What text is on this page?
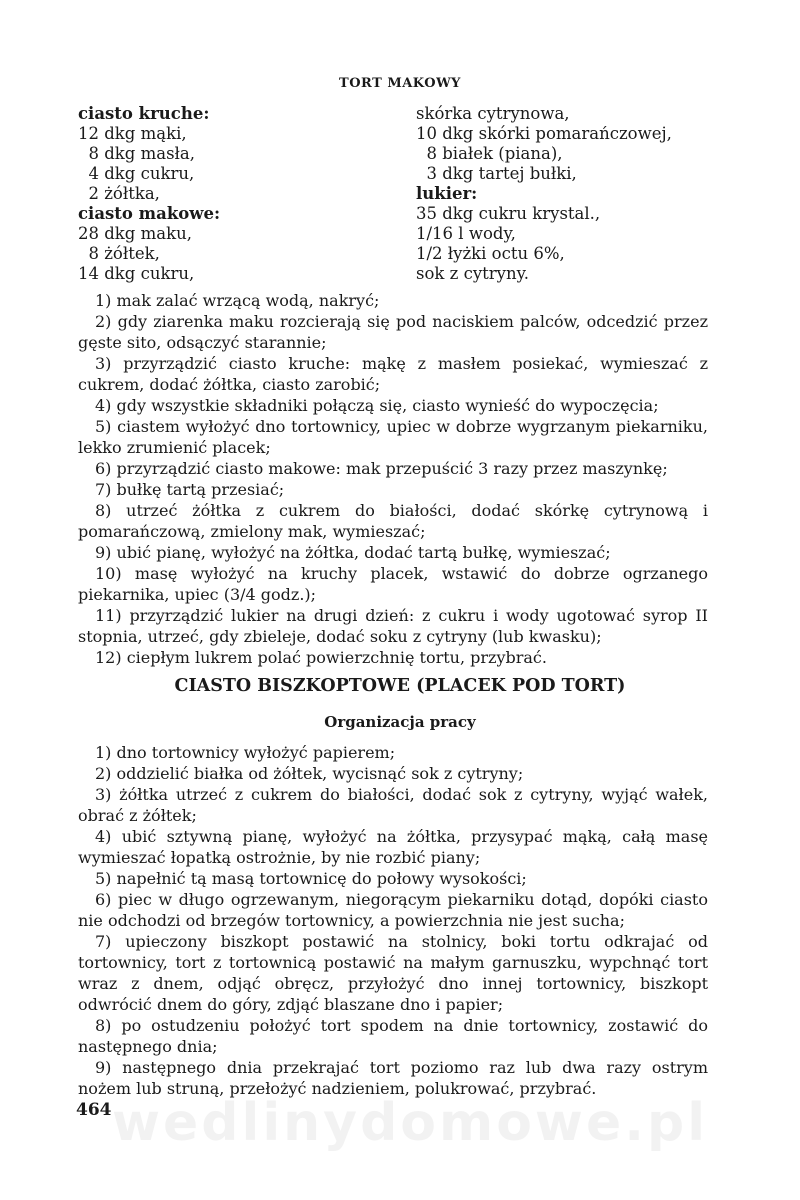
TORT MAKOWY
ciasto kruche:
12 dkg mąki,
8 dkg masła,
4 dkg cukru,
2 żółtka,
ciasto makowe:
28 dkg maku,
8 żółtek,
14 dkg cukru,
skórka cytrynowa,
10 dkg skórki pomarańczowej,
8 białek (piana),
3 dkg tartej bułki,
lukier:
35 dkg cukru krystal.,
1/16 l wody,
1/2 łyżki octu 6%,
sok z cytryny.
1) mak zalać wrzącą wodą, nakryć;
2) gdy ziarenka maku rozcierają się pod naciskiem palców, odcedzić przez gęste sito, odsączyć starannie;
3) przyrządzić ciasto kruche: mąkę z masłem posiekać, wymieszać z cukrem, dodać żółtka, ciasto zarobić;
4) gdy wszystkie składniki połączą się, ciasto wynieść do wypoczęcia;
5) ciastem wyłożyć dno tortownicy, upiec w dobrze wygrzanym piekarniku, lekko zrumienić placek;
6) przyrządzić ciasto makowe: mak przepuścić 3 razy przez maszynkę;
7) bułkę tartą przesiać;
8) utrzeć żółtka z cukrem do białości, dodać skórkę cytrynową i pomarańczową, zmielony mak, wymieszać;
9) ubić pianę, wyłożyć na żółtka, dodać tartą bułkę, wymieszać;
10) masę wyłożyć na kruchy placek, wstawić do dobrze ogrzanego piekarnika, upiec (3/4 godz.);
11) przyrządzić lukier na drugi dzień: z cukru i wody ugotować syrop II stopnia, utrzeć, gdy zbieleje, dodać soku z cytryny (lub kwasku);
12) ciepłym lukrem polać powierzchnię tortu, przybrać.
CIASTO BISZKOPTOWE (PLACEK POD TORT)
Organizacja pracy
1) dno tortownicy wyłożyć papierem;
2) oddzielić białka od żółtek, wycisnąć sok z cytryny;
3) żółtka utrzeć z cukrem do białości, dodać sok z cytryny, wyjąć wałek, obrać z żółtek;
4) ubić sztywną pianę, wyłożyć na żółtka, przysypać mąką, całą masę wymieszać łopatką ostrożnie, by nie rozbić piany;
5) napełnić tą masą tortownicę do połowy wysokości;
6) piec w długo ogrzewanym, niegorącym piekarniku dotąd, dopóki ciasto nie odchodzi od brzegów tortownicy, a powierzchnia nie jest sucha;
7) upieczony biszkopt postawić na stolnicy, boki tortu odkrajać od tortownicy, tort z tortownicą postawić na małym garnuszku, wypchnąć tort wraz z dnem, odjąć obręcz, przyłożyć dno innej tortownicy, biszkopt odwrócić dnem do góry, zdjąć blaszane dno i papier;
8) po ostudzeniu położyć tort spodem na dnie tortownicy, zostawić do następnego dnia;
9) następnego dnia przekrajać tort poziomo raz lub dwa razy ostrym nożem lub struną, przełożyć nadzieniem, polukrować, przybrać.
464 wedlinydomowe.pl
